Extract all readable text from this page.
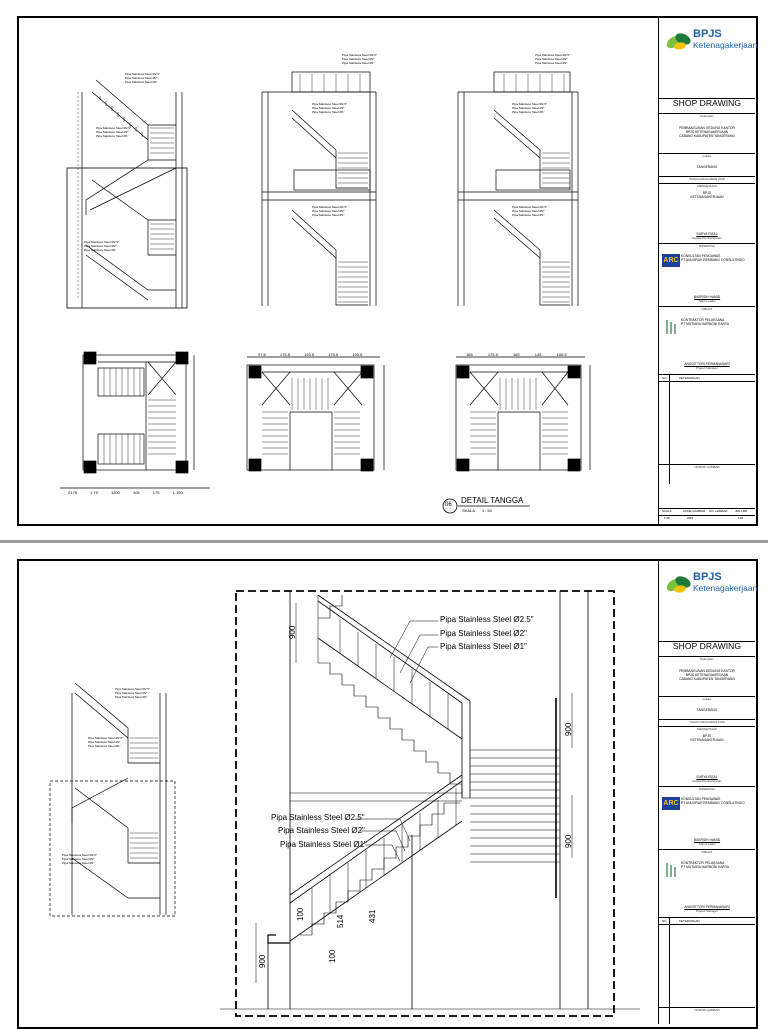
2175	1.75	1200	105	175	1.100
97.5	175.5	195.5	175.5	100.5	165	175.5	165	145	100.5
Pipa Stainless Steel Ø2.5"
Pipa Stainless Steel Ø2"
Pipa Stainless Steel Ø1"
Pipa Stainless Steel Ø2.5"
Pipa Stainless Steel Ø2"
Pipa Stainless Steel Ø1"
Pipa Stainless Steel Ø2.5"
Pipa Stainless Steel Ø2"
Pipa Stainless Steel Ø1"
Pipa Stainless Steel Ø2.5"
Pipa Stainless Steel Ø2"
Pipa Stainless Steel Ø1"
Pipa Stainless Steel Ø2.5"
Pipa Stainless Steel Ø2"
Pipa Stainless Steel Ø1"
Pipa Stainless Steel Ø2.5"
Pipa Stainless Steel Ø2"
Pipa Stainless Steel Ø1"
Pipa Stainless Steel Ø2.5"
Pipa Stainless Steel Ø2"
Pipa Stainless Steel Ø1"
Pipa Stainless Steel Ø2.5"
Pipa Stainless Steel Ø2"
Pipa Stainless Steel Ø1"
Pipa Stainless Steel Ø2.5"
Pipa Stainless Steel Ø2"
Pipa Stainless Steel Ø1"
06 DETAIL TANGGA
SKALA 1 : 50
BPJS
Ketenagakerjaan
SHOP DRAWING
Pekerjaan
PEMBANGUNAN GEDUNG KANTOR
BPJS KETENAGAKERJAAN
CABANG KABUPATEN TANGERANG
Lokasi
TANGERANG
TAHUN ANGGARAN 2019
MENGETAHUI
BPJS
KETENAGAKERJAAN
SURYA RIZAL
Kepala Pembangunan
DIPERIKSA
ARC
KONSULTAN PENGAWAS
PT ANUGRAH REMBANG CONSULTINDO
BASRIDH HAMID
Team Leader
DIBUAT
KONTRAKTOR PELAKSANA
PT MUTIARA HARMONI KARYA
ANGGITTORI PERMANASARI
Project Manager
NO	KETERANGAN
NOMOR GAMBAR
SKALA	KODE GAMBAR NO. LEMBAR JML LBR
1:50	ARS	138
Pipa Stainless Steel Ø2.5"
Pipa Stainless Steel Ø2"
Pipa Stainless Steel Ø1"
Pipa Stainless Steel Ø2.5"
Pipa Stainless Steel Ø2"
Pipa Stainless Steel Ø1"
Pipa Stainless Steel Ø2.5"
Pipa Stainless Steel Ø2"
Pipa Stainless Steel Ø1"
Pipa Stainless Steel Ø2.5"
Pipa Stainless Steel Ø2"
Pipa Stainless Steel Ø1"
Pipa Stainless Steel Ø2.5"
Pipa Stainless Steel Ø2"
Pipa Stainless Steel Ø1"
900
900
900
900
100
514	431
100
BPJS
Ketenagakerjaan
SHOP DRAWING
Pekerjaan
PEMBANGUNAN GEDUNG KANTOR
BPJS KETENAGAKERJAAN
CABANG KABUPATEN TANGERANG
Lokasi
TANGERANG
TAHUN ANGGARAN 2019
MENGETAHUI
BPJS
KETENAGAKERJAAN
SURYA RIZAL
Kepala Pembangunan
DIPERIKSA
ARC
KONSULTAN PENGAWAS
PT ANUGRAH REMBANG CONSULTINDO
BASRIDH HAMID
Team Leader
DIBUAT
KONTRAKTOR PELAKSANA
PT MUTIARA HARMONI KARYA
ANGGITTORI PERMANASARI
Project Manager
NO	KETERANGAN
NOMOR GAMBAR
